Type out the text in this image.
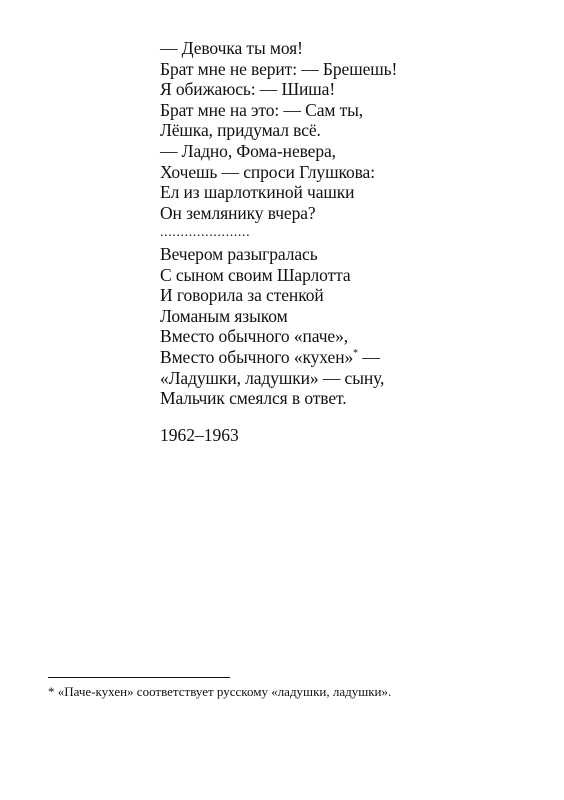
— Девочка ты моя!
Брат мне не верит: — Брешешь!
Я обижаюсь: — Шиша!
Брат мне на это: — Сам ты,
Лёшка, придумал всё.
— Ладно, Фома-невера,
Хочешь — спроси Глушкова:
Ел из шарлоткиной чашки
Он землянику вчера?
......................
Вечером разыгралась
С сыном своим Шарлотта
И говорила за стенкой
Ломаным языком
Вместо обычного «паче»,
Вместо обычного «кухен»* —
«Ладушки, ладушки» — сыну,
Мальчик смеялся в ответ.
1962–1963
* «Паче-кухен» соответствует русскому «ладушки, ладушки».
